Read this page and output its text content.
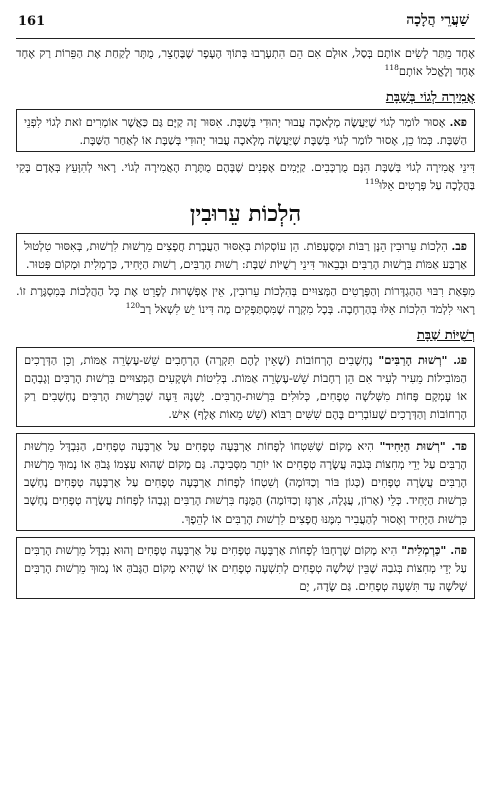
161	שַׁעֲרֵי הֲלָכָה

אֶחָד מֵתַּר לָשִׂים אוֹתָם בְּסַל, אוּלָם אִם הֵם הִתְעָרְבוּ בְּתוֹךְ הֶעָפָר שֶׁבֶּחָצֵר, מֻתָּר לָקַחַת אֶת הַפֵּרוֹת רַק אֶחָד אֶחָד וְלֶאֱכֹל אוֹתָם$^{118}$

אֲמִירָה לְגוֹי בְּשַׁבָּת

פא. אָסוּר לוֹמַר לְגוֹי שֶׁיַּעֲשֶׂה מְלָאכָה עֲבוּר יְהוּדִי בְּשַׁבָּת. אִסּוּר זֶה קַיָּם גַּם כַּאֲשֶׁר אוֹמְרִים זֹאת לְגוֹי לִפְנֵי הַשַּׁבָּת. כְּמוֹ כֵן, אָסוּר לוֹמַר לְגוֹי בְּשַׁבָּת שֶׁיַּעֲשֶׂה מְלָאכָה עֲבוּר יְהוּדִי בְּשַׁבָּת אוֹ לְאַחַר הַשַּׁבָּת.

דִּינֵי אֲמִירָה לְגוֹי בְּשַׁבָּת הִנָּם מֻרְכָּבִים. קַיָּמִים אָפְנִים שֶׁבָּהֶם מֻתֶּרֶת הָאֲמִירָה לְגוֹי. רָאוּי לְהִוָּעֵץ בְּאָדָם בָּקִי בַּהֲלָכָה עַל פְּרָטִים אֵלּוּ$^{119}$

הִלְכוֹת עֵרוּבִין

פב. הִלְכוֹת עֵרוּבִין הֵנָּן רַבּוֹת וּמְסֻעָפוֹת. הֵן עוֹסְקוֹת בְּאִסּוּר הַעֲבָרַת חֲפָצִים מֵרְשׁוּת לִרְשׁוּת, בְּאִסּוּר טִלְטוּל אַרְבַּע אַמּוֹת בִּרְשׁוּת הָרַבִּים וּבְבֵאוּר דִּינֵי רְשֻׁיּוֹת שַׁבָּת: רְשׁוּת הָרַבִּים, רְשׁוּת הַיָּחִיד, כַּרְמְלִית וּמְקוֹם פְּטוּר.

מִפְּאַת רִבּוּי הַהַגְדָּרוֹת וְהַפְּרָטִים הַמְּצוּיִים בְּהִלְכוֹת עֵרוּבִין, אֵין אֶפְשָׁרוּת לְפָרֵט אֶת כָּל הַהֲלָכוֹת בְּמִסְגֶּרֶת זוֹ. רָאוּי לִלְמֹד הִלְכוֹת אֵלּוּ בְּהַרְחָבָה. בְּכָל מִקְרֶה שֶׁמִּסְתַּפְּקִים מָה דִּינוֹ יֵשׁ לִשְׁאֹל רַב$^{120}$

רְשֻׁיּוֹת שַׁבָּת

פג. "רְשׁוּת הָרַבִּים" נֶחְשָׁבִים הָרְחוֹבוֹת (שֶׁאֵין לָהֶם תִּקְרָה) הָרְחָבִים שֵׁשׁ-עֶשְׂרֵה אַמּוֹת, וְכֵן הַדְּרָכִים הַמּוֹבִילוֹת מֵעִיר לְעִיר אִם הֵן רְחָבוֹת שֵׁשׁ-עֶשְׂרֵה אַמּוֹת. בְּלִיטוֹת וּשְׁקָעִים הַמְּצוּיִים בִּרְשׁוּת הָרַבִּים וְגָבְהָם אוֹ עָמְקָם פָּחוֹת מִשְּׁלֹשָׁה טְפָחִים, כְּלוּלִים בִּרְשׁוּת-הָרַבִּים. יֶשְׁנָהּ דֵּעָה שֶׁבִּרְשׁוּת הָרַבִּים נֶחְשָׁבִים רַק הָרְחוֹבוֹת וְהַדְּרָכִים שֶׁעוֹבְרִים בָּהֶם שִׁשִּׁים רִבּוֹא (שֵׁשׁ מֵאוֹת אֶלֶף) אִישׁ.

פד. "רְשׁוּת הַיָּחִיד" הִיא מָקוֹם שֶׁשִּׁטְחוֹ לְפָחוֹת אַרְבָּעָה טְפָחִים עַל אַרְבָּעָה טְפָחִים, הַנִּבְדָּל מֵרְשׁוּת הָרַבִּים עַל יְדֵי מְחִצּוֹת בְּגֹבַהּ עֲשָׂרָה טְפָחִים אוֹ יוֹתֵר מִסְּבִיבָה. גַּם מָקוֹם שֶׁהוּא עַצְמוֹ גָּבֹהַּ אוֹ נָמוּךְ מֵרְשׁוּת הָרַבִּים עֲשָׂרָה טְפָחִים (כְּגוֹן בּוֹר וְכַדּוֹמֶה) וְשִׁטְחוֹ לְפָחוֹת אַרְבָּעָה טְפָחִים עַל אַרְבָּעָה טְפָחִים נֶחְשָׁב כִּרְשׁוּת הַיָּחִיד. כְּלֵי (אָרוֹן, עֲגָלָה, אַרְגָּז וְכַדּוֹמֶה) הַמֻּנָּח בִּרְשׁוּת הָרַבִּים וְגָבְהוֹ לְפָחוֹת עֲשָׂרָה טְפָחִים נֶחְשָׁב כִּרְשׁוּת הַיָּחִיד וְאָסוּר לְהַעֲבִיר מִמֶּנּוּ חֲפָצִים לִרְשׁוּת הָרַבִּים אוֹ לְהֵפֶךְ.

פה. "כַּרְמְלִית" הִיא מָקוֹם שֶׁרָחְבּוֹ לְפָחוֹת אַרְבָּעָה טְפָחִים עַל אַרְבָּעָה טְפָחִים וְהוּא נִבְדָּל מֵרְשׁוּת הָרַבִּים עַל יְדֵי מְחִצּוֹת בְּגֹבַהּ שֶׁבֵּין שְׁלֹשָׁה טְפָחִים לְתִשְׁעָה טְפָחִים אוֹ שֶׁהִיא מָקוֹם הַגָּבֹהַּ אוֹ נָמוּךְ מֵרְשׁוּת הָרַבִּים שְׁלֹשָׁה עַד תִּשְׁעָה טְפָחִים. גַּם שָׂדֶה, יָם
